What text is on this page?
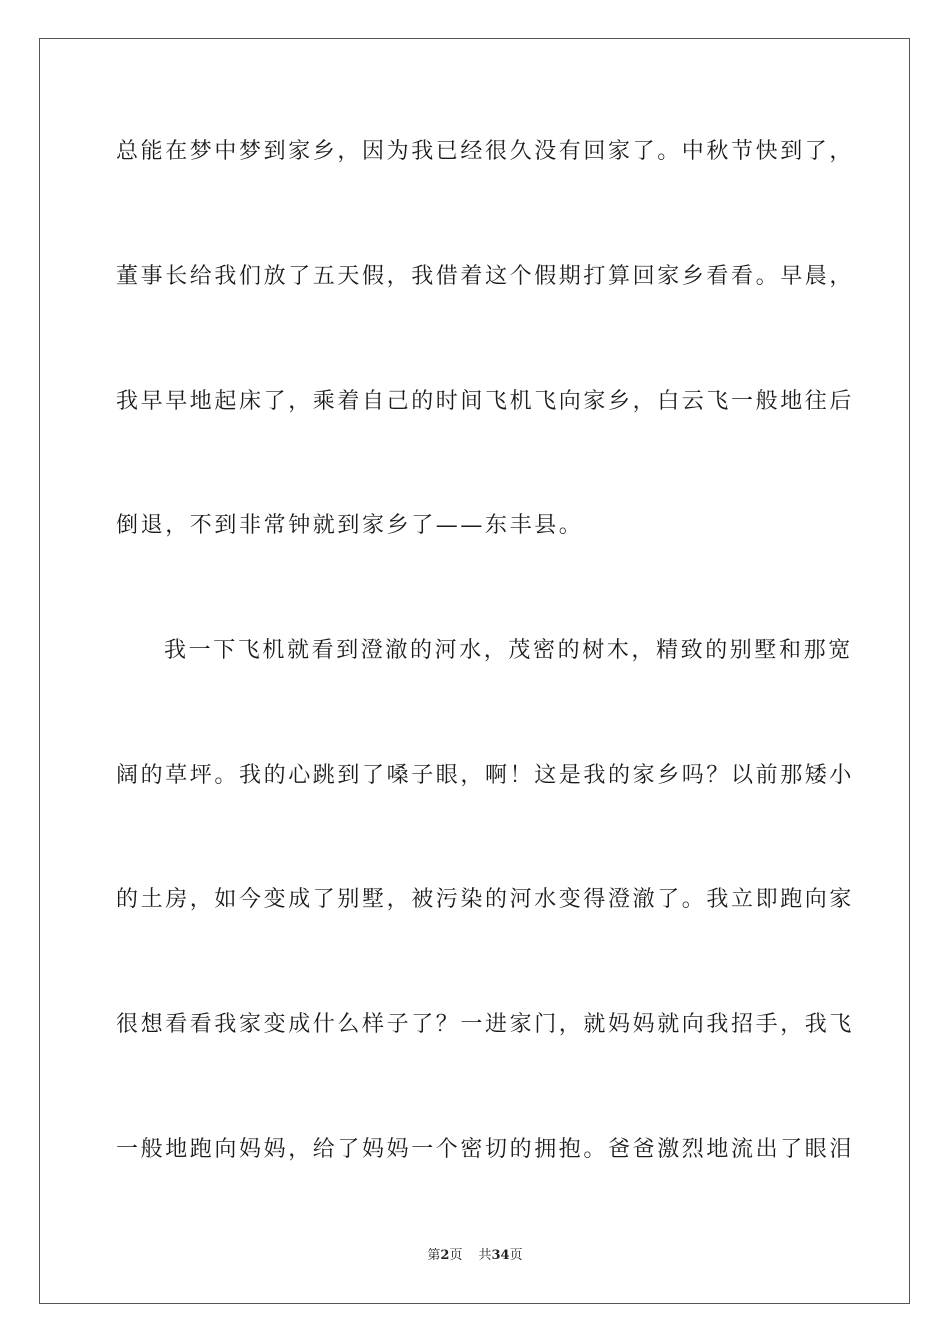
总能在梦中梦到家乡，因为我已经很久没有回家了。中秋节快到了，
董事长给我们放了五天假，我借着这个假期打算回家乡看看。早晨，
我早早地起床了，乘着自己的时间飞机飞向家乡，白云飞一般地往后
倒退，不到非常钟就到家乡了——东丰县。
我一下飞机就看到澄澈的河水，茂密的树木，精致的别墅和那宽
阔的草坪。我的心跳到了嗓子眼，啊！这是我的家乡吗？以前那矮小
的土房，如今变成了别墅，被污染的河水变得澄澈了。我立即跑向家
很想看看我家变成什么样子了？一进家门，就妈妈就向我招手，我飞
一般地跑向妈妈，给了妈妈一个密切的拥抱。爸爸激烈地流出了眼泪
第2页 共34页
